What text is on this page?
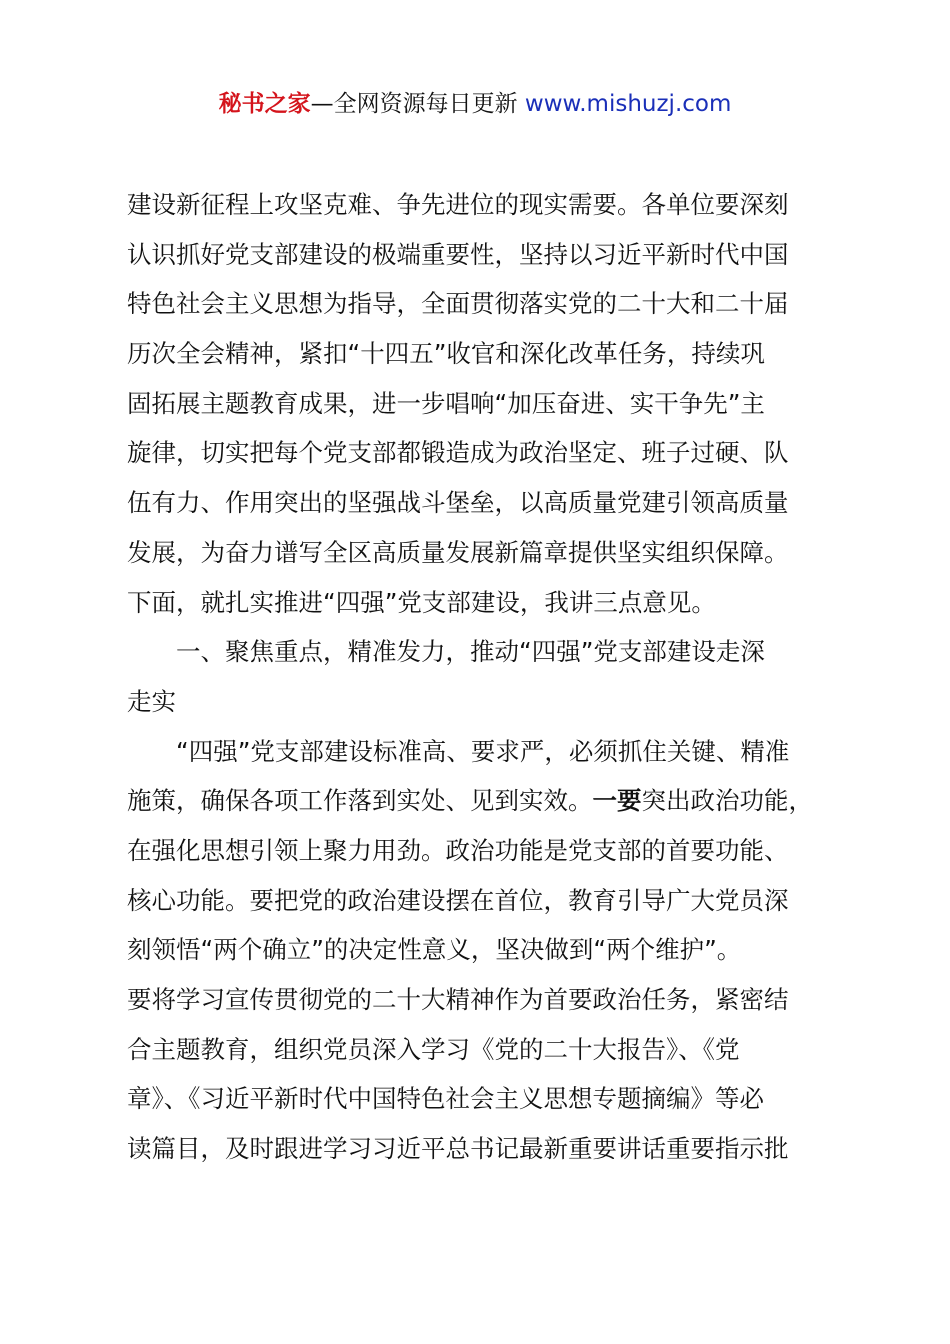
秘书之家—全网资源每日更新 www.mishuzj.com
建设新征程上攻坚克难、争先进位的现实需要。各单位要深刻
认识抓好党支部建设的极端重要性，坚持以习近平新时代中国
特色社会主义思想为指导，全面贯彻落实党的二十大和二十届
历次全会精神，紧扣“十四五”收官和深化改革任务，持续巩
固拓展主题教育成果，进一步唱响“加压奋进、实干争先”主
旋律，切实把每个党支部都锻造成为政治坚定、班子过硬、队
伍有力、作用突出的坚强战斗堡垒，以高质量党建引领高质量
发展，为奋力谱写全区高质量发展新篇章提供坚实组织保障。
下面，就扎实推进“四强”党支部建设，我讲三点意见。
一、聚焦重点，精准发力，推动“四强”党支部建设走深
走实
“四强”党支部建设标准高、要求严，必须抓住关键、精准
施策，确保各项工作落到实处、见到实效。一要突出政治功能，
在强化思想引领上聚力用劲。政治功能是党支部的首要功能、
核心功能。要把党的政治建设摆在首位，教育引导广大党员深
刻领悟“两个确立”的决定性意义，坚决做到“两个维护”。
要将学习宣传贯彻党的二十大精神作为首要政治任务，紧密结
合主题教育，组织党员深入学习《党的二十大报告》、《党
章》、《习近平新时代中国特色社会主义思想专题摘编》等必
读篇目，及时跟进学习习近平总书记最新重要讲话重要指示批
